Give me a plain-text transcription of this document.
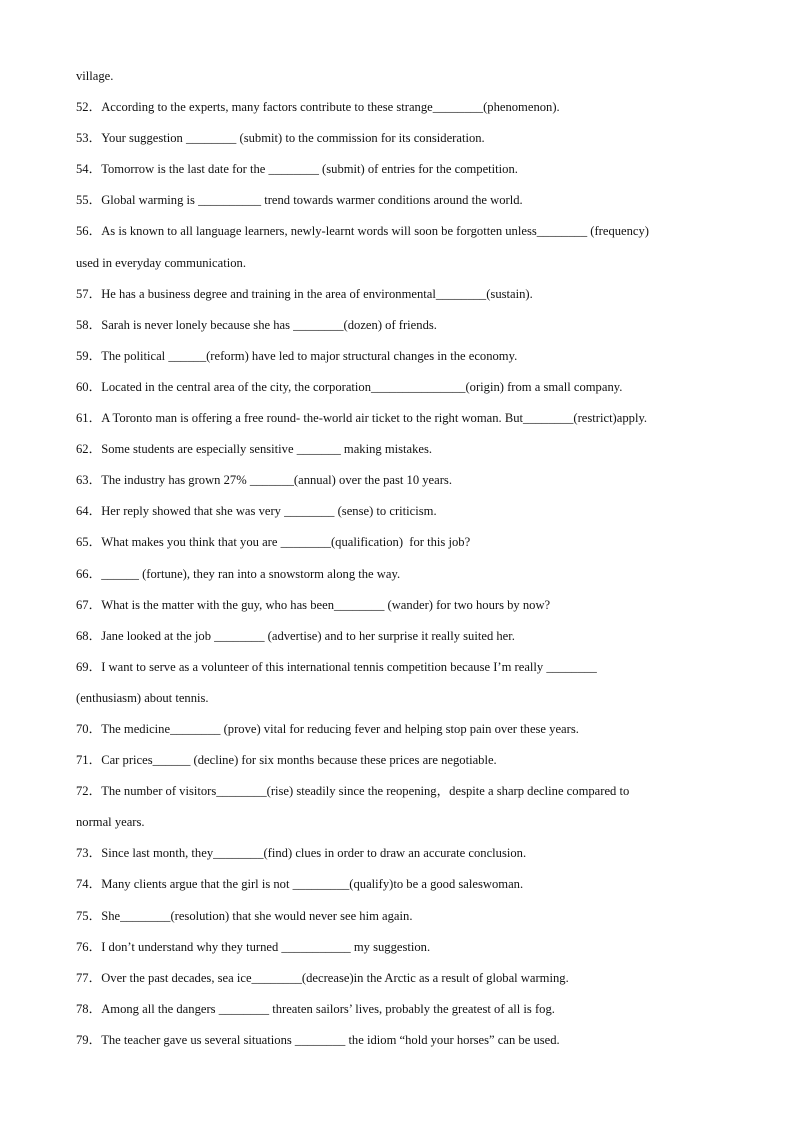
village.
52．According to the experts, many factors contribute to these strange________(phenomenon).
53．Your suggestion ________ (submit) to the commission for its consideration.
54．Tomorrow is the last date for the ________ (submit) of entries for the competition.
55．Global warming is __________ trend towards warmer conditions around the world.
56．As is known to all language learners, newly-learnt words will soon be forgotten unless________ (frequency)
used in everyday communication.
57．He has a business degree and training in the area of environmental________(sustain).
58．Sarah is never lonely because she has ________(dozen) of friends.
59．The political ______(reform) have led to major structural changes in the economy.
60．Located in the central area of the city, the corporation_______________(origin) from a small company.
61．A Toronto man is offering a free round- the-world air ticket to the right woman. But________(restrict)apply.
62．Some students are especially sensitive _______ making mistakes.
63．The industry has grown 27% _______(annual) over the past 10 years.
64．Her reply showed that she was very ________ (sense) to criticism.
65．What makes you think that you are ________(qualification)  for this job?
66．______ (fortune), they ran into a snowstorm along the way.
67．What is the matter with the guy, who has been________ (wander) for two hours by now?
68．Jane looked at the job ________ (advertise) and to her surprise it really suited her.
69．I want to serve as a volunteer of this international tennis competition because I’m really ________
(enthusiasm) about tennis.
70．The medicine________ (prove) vital for reducing fever and helping stop pain over these years.
71．Car prices______ (decline) for six months because these prices are negotiable.
72．The number of visitors________(rise) steadily since the reopening，despite a sharp decline compared to
normal years.
73．Since last month, they________(find) clues in order to draw an accurate conclusion.
74．Many clients argue that the girl is not _________(qualify)to be a good saleswoman.
75．She________(resolution) that she would never see him again.
76．I don’t understand why they turned ___________ my suggestion.
77．Over the past decades, sea ice________(decrease)in the Arctic as a result of global warming.
78．Among all the dangers ________ threaten sailors’ lives, probably the greatest of all is fog.
79．The teacher gave us several situations ________ the idiom “hold your horses” can be used.
